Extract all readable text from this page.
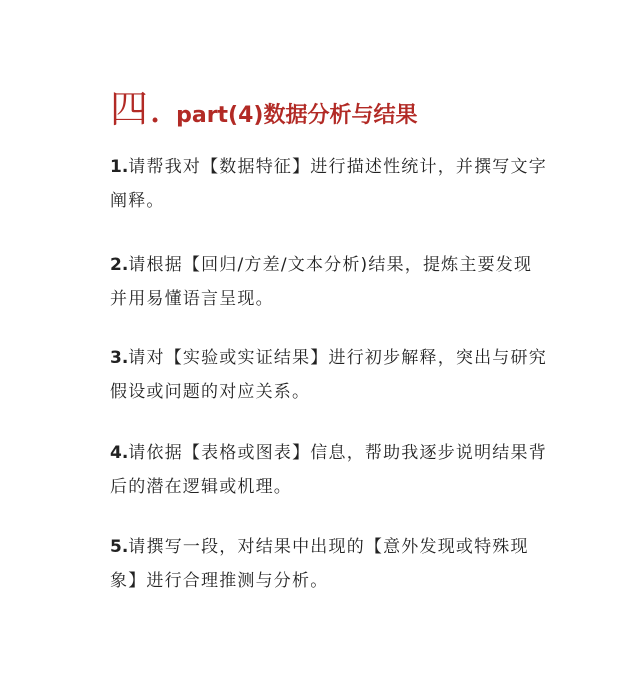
四. part(4)数据分析与结果
1.请帮我对【数据特征】进行描述性统计，并撰写文字阐释。
2.请根据【回归/方差/文本分析)结果，提炼主要发现并用易懂语言呈现。
3.请对【实验或实证结果】进行初步解释，突出与研究假设或问题的对应关系。
4.请依据【表格或图表】信息，帮助我逐步说明结果背后的潜在逻辑或机理。
5.请撰写一段，对结果中出现的【意外发现或特殊现象】进行合理推测与分析。
